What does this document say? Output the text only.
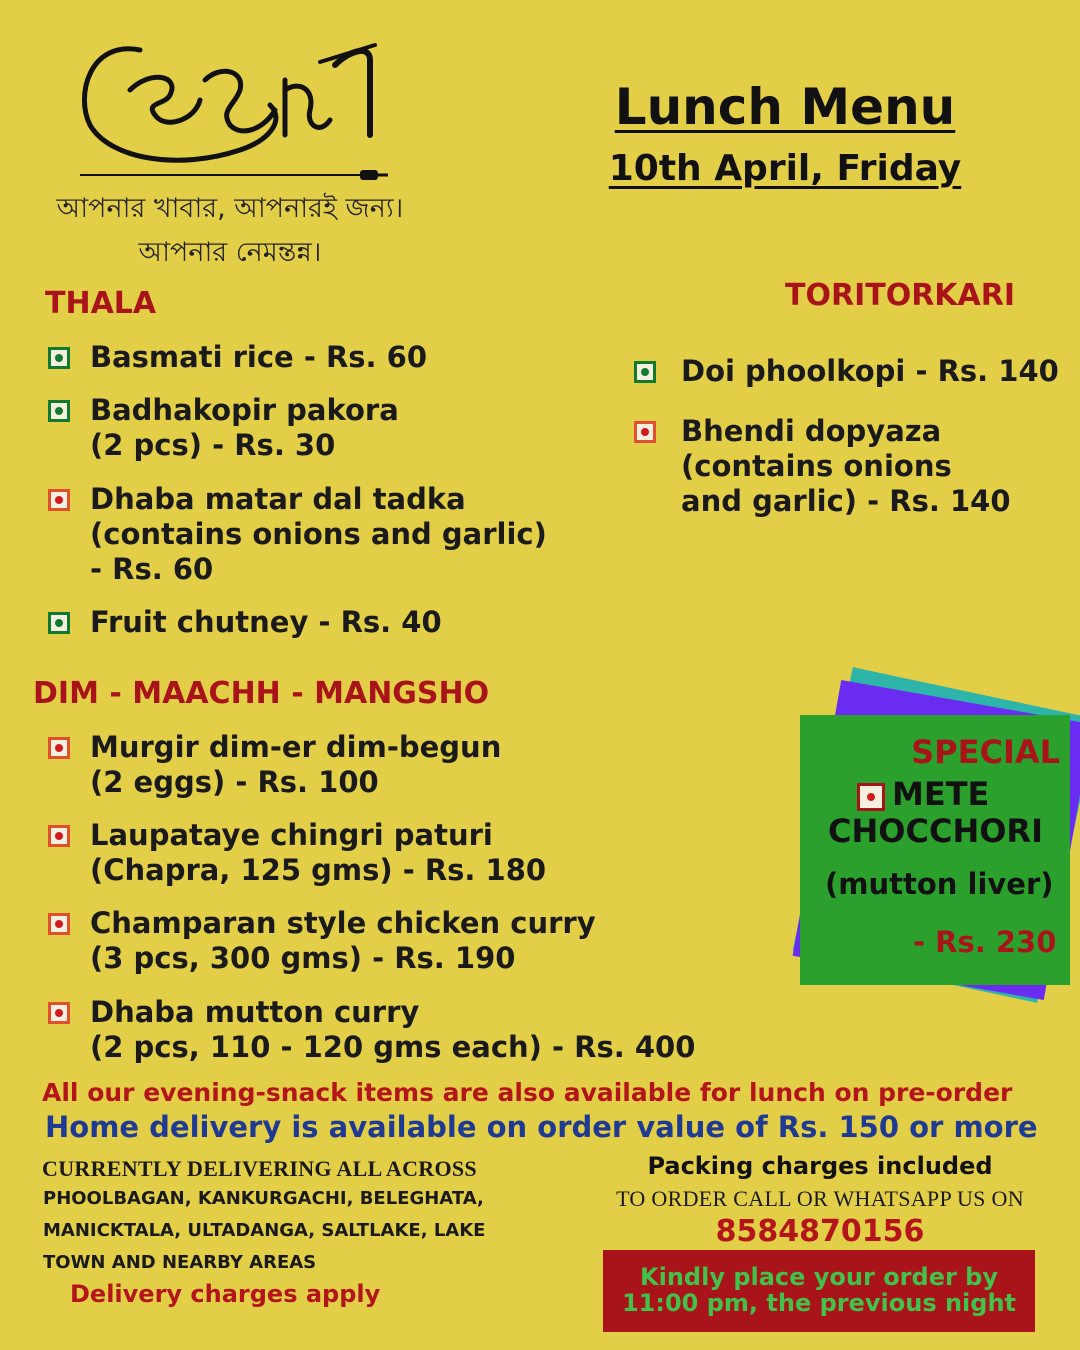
আপনার খাবার, আপনারই জন্য।
আপনার নেমন্তন্ন।
Lunch Menu
10th April, Friday
THALA
Basmati rice - Rs. 60
Badhakopir pakora
(2 pcs) - Rs. 30
Dhaba matar dal tadka
(contains onions and garlic)
- Rs. 60
Fruit chutney - Rs. 40
TORITORKARI
Doi phoolkopi - Rs. 140
Bhendi dopyaza
(contains onions
and garlic) - Rs. 140
DIM - MAACHH - MANGSHO
Murgir dim-er dim-begun
(2 eggs) - Rs. 100
Laupataye chingri paturi
(Chapra, 125 gms) - Rs. 180
Champaran style chicken curry
(3 pcs, 300 gms) - Rs. 190
Dhaba mutton curry
(2 pcs, 110 - 120 gms each) - Rs. 400
SPECIAL
METE
CHOCCHORI
(mutton liver)
- Rs. 230
All our evening-snack items are also available for lunch on pre-order
Home delivery is available on order value of Rs. 150 or more
CURRENTLY DELIVERING ALL ACROSS
PHOOLBAGAN, KANKURGACHI, BELEGHATA,
MANICKTALA, ULTADANGA, SALTLAKE, LAKE
TOWN AND NEARBY AREAS
Delivery charges apply
Packing charges included
TO ORDER CALL OR WHATSAPP US ON
8584870156
Kindly place your order by
11:00 pm, the previous night
